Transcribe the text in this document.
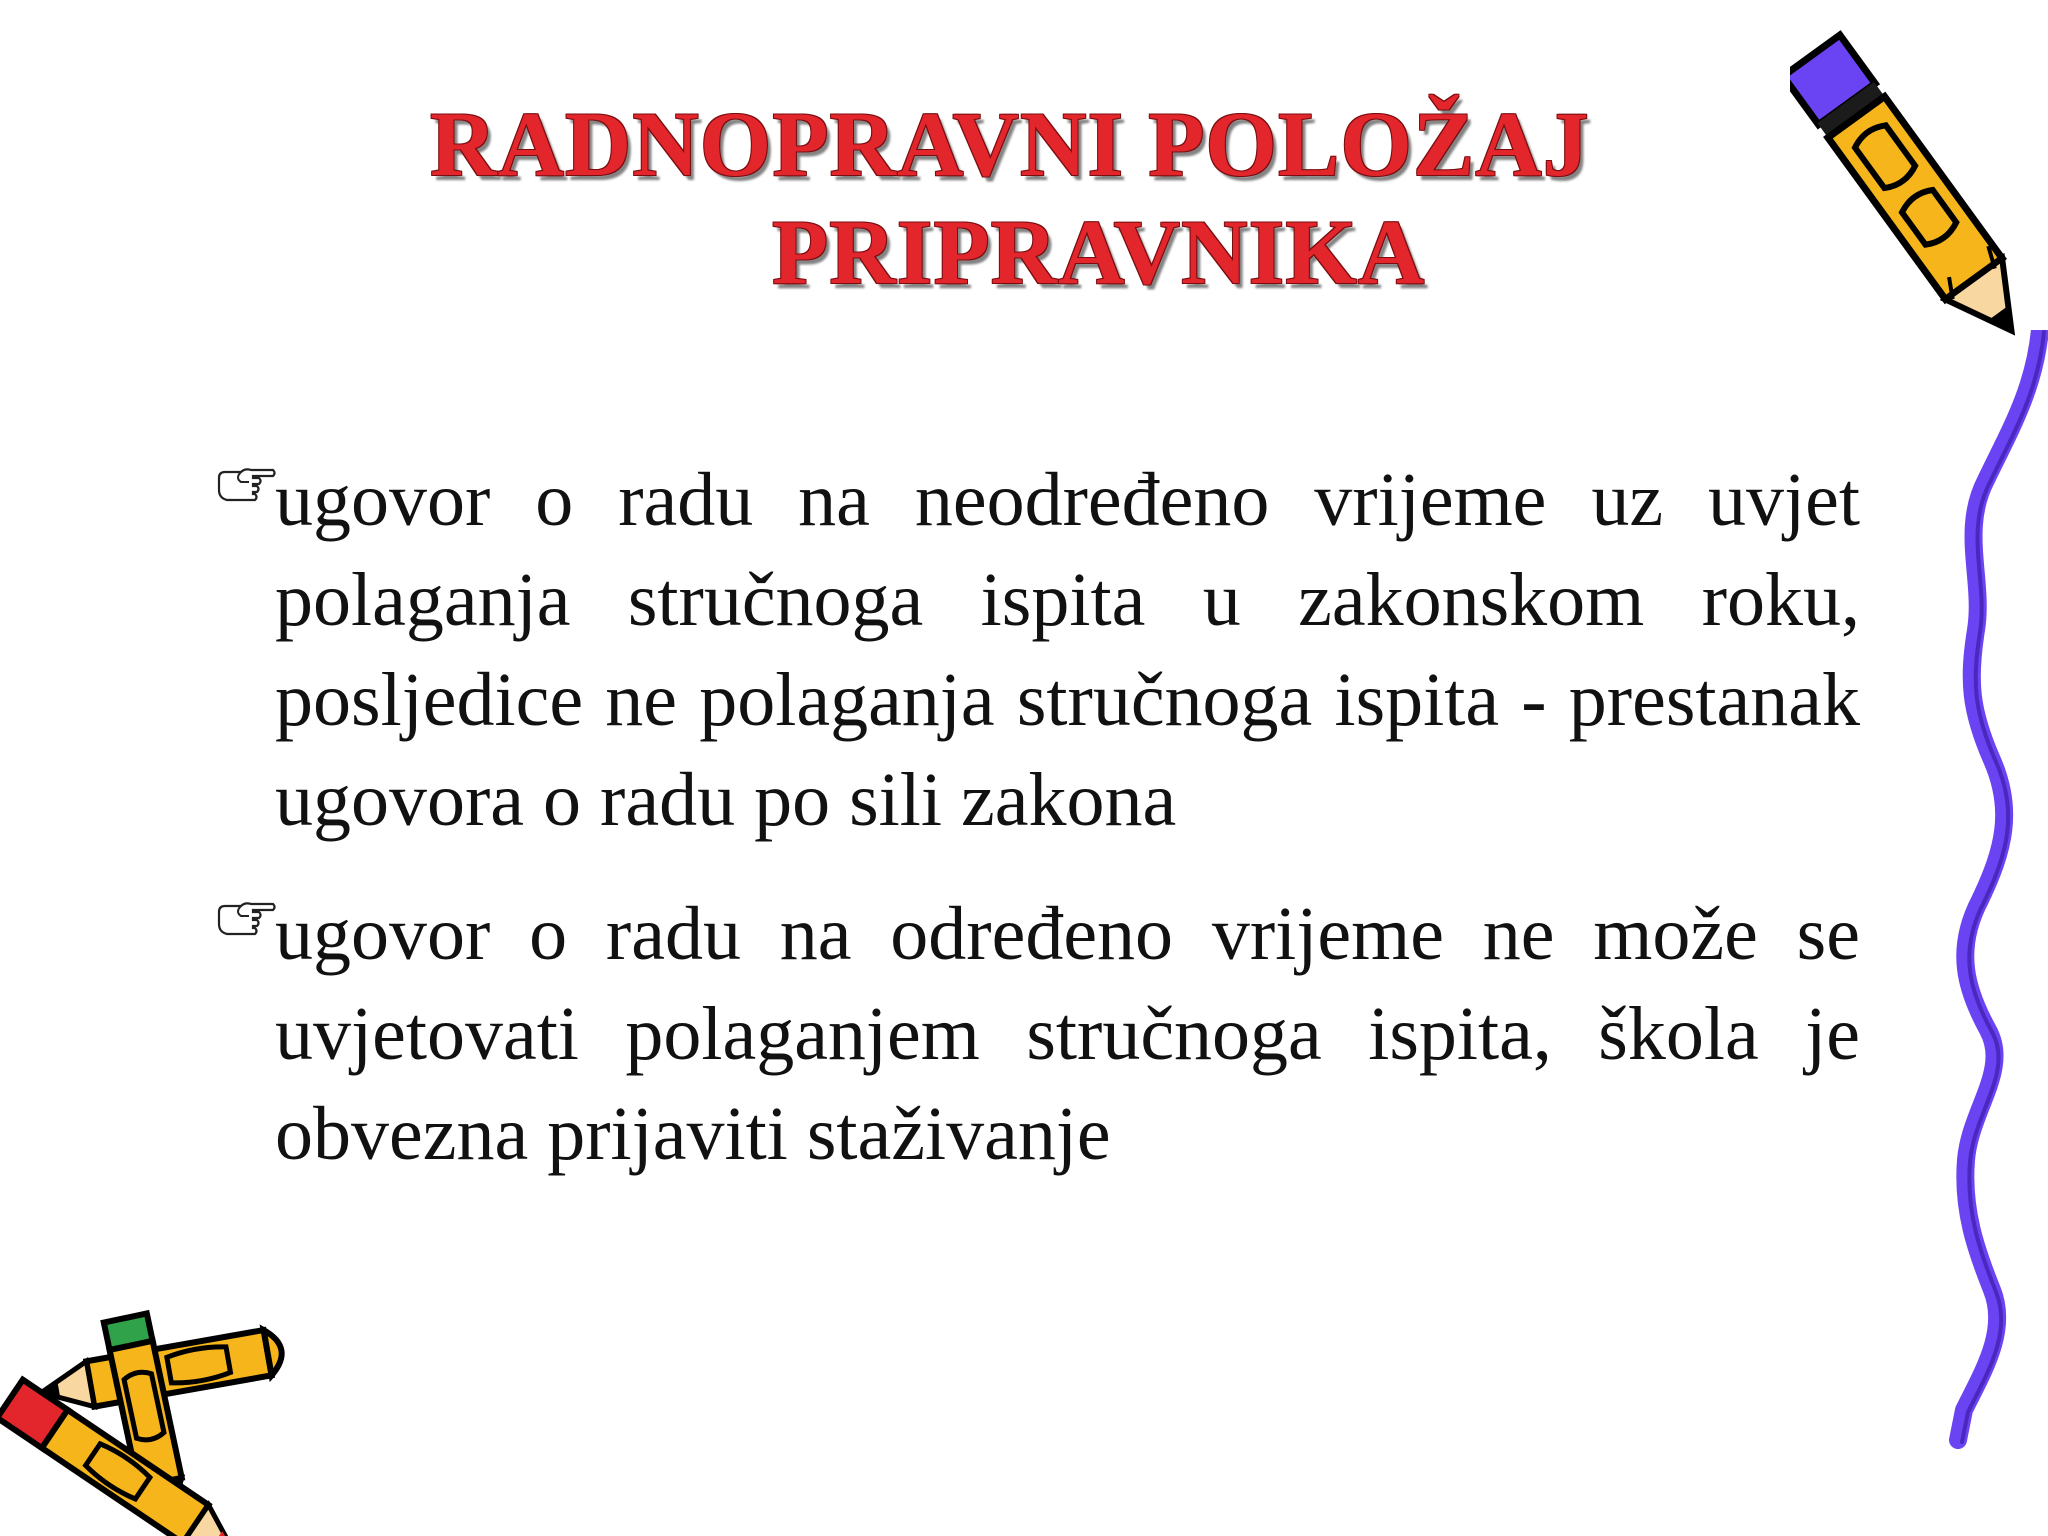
RADNOPRAVNI POLOŽAJ
PRIPRAVNIKA
ugovor o radu na neodređeno vrijeme uz uvjet polaganja stručnoga ispita u zakonskom roku, posljedice ne polaganja stručnoga ispita - prestanak ugovora o radu po sili zakona
ugovor o radu na određeno vrijeme ne može se uvjetovati polaganjem stručnoga ispita, škola je obvezna prijaviti staživanje
